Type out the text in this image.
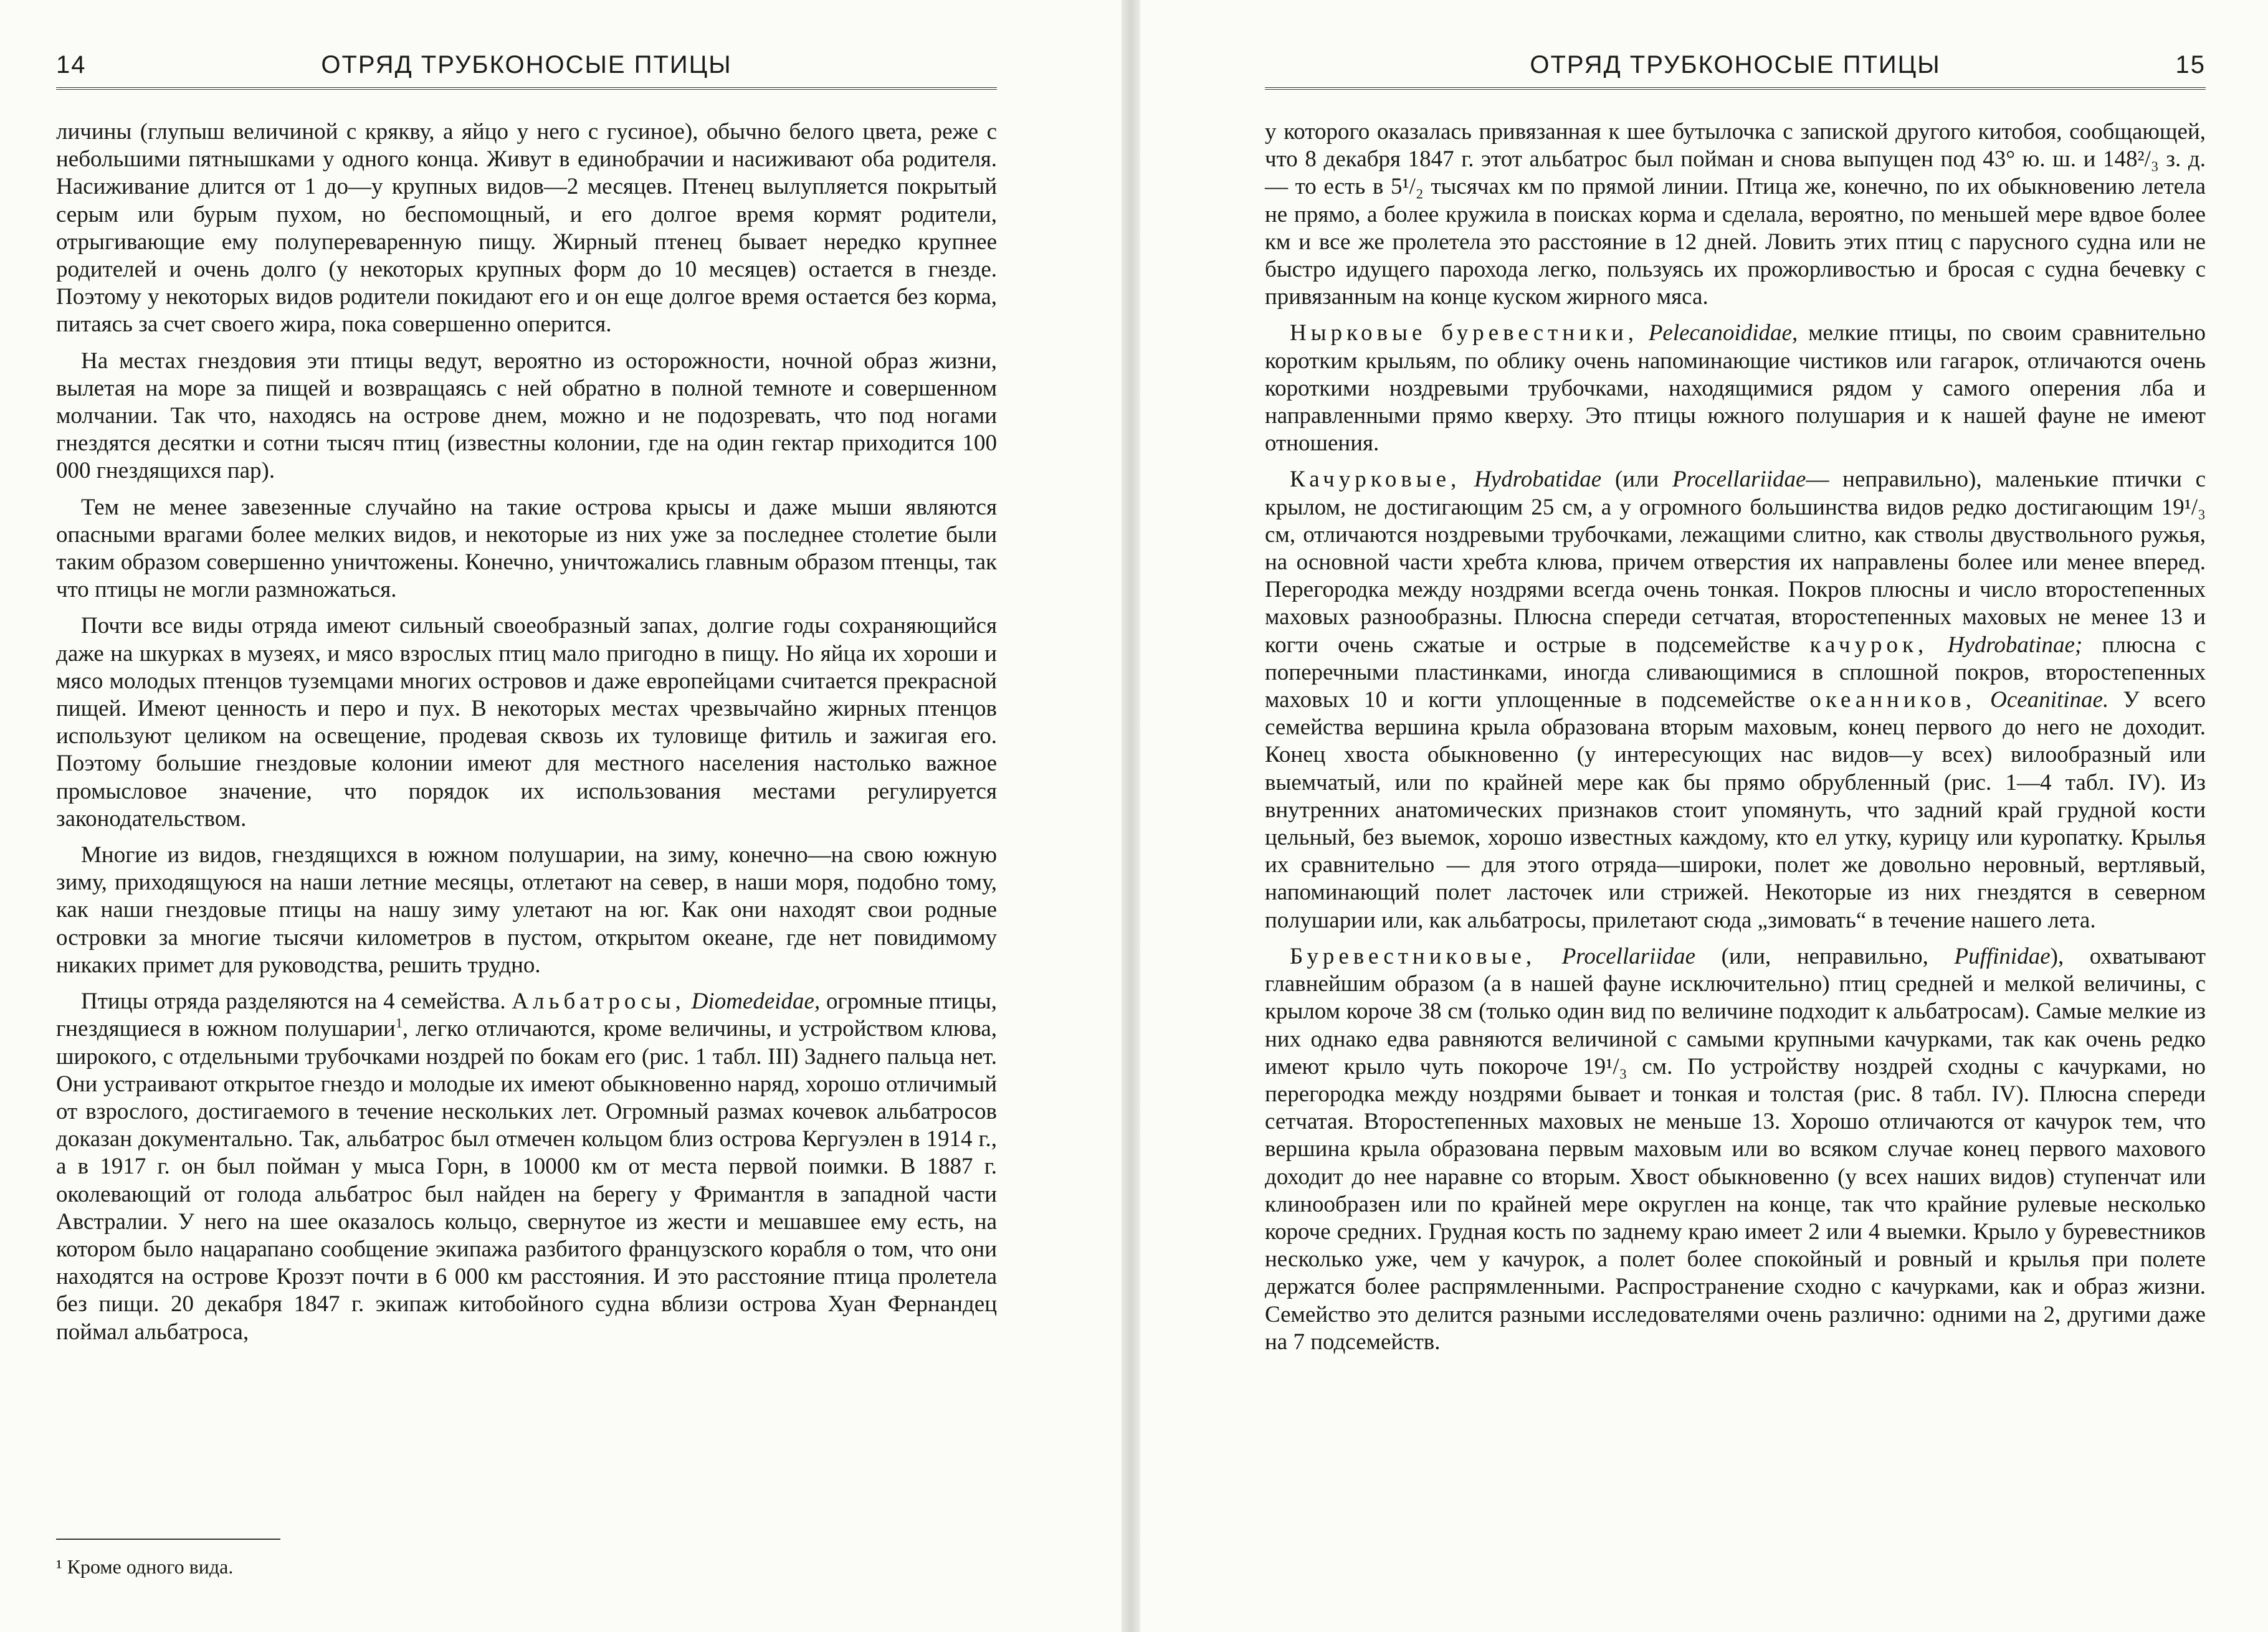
14	ОТРЯД ТРУБКОНОСЫЕ ПТИЦЫ

личины (глупыш величиной с крякву, а яйцо у него с гусиное), обычно белого цвета, реже с небольшими пятнышками у одного конца. Живут в единобрачии и насиживают оба родителя. Насиживание длится от 1 до—у крупных видов—2 месяцев. Птенец вылупляется покрытый серым или бурым пухом, но беспомощный, и его долгое время кормят родители, отрыгивающие ему полупереваренную пищу. Жирный птенец бывает нередко крупнее родителей и очень долго (у некоторых крупных форм до 10 месяцев) остается в гнезде. Поэтому у некоторых видов родители покидают его и он еще долгое время остается без корма, питаясь за счет своего жира, пока совершенно оперится.

На местах гнездовия эти птицы ведут, вероятно из осторожности, ночной образ жизни, вылетая на море за пищей и возвращаясь с ней обратно в полной темноте и совершенном молчании. Так что, находясь на острове днем, можно и не подозревать, что под ногами гнездятся десятки и сотни тысяч птиц (известны колонии, где на один гектар приходится 100 000 гнездящихся пар).

Тем не менее завезенные случайно на такие острова крысы и даже мыши являются опасными врагами более мелких видов, и некоторые из них уже за последнее столетие были таким образом совершенно уничтожены. Конечно, уничтожались главным образом птенцы, так что птицы не могли размножаться.

Почти все виды отряда имеют сильный своеобразный запах, долгие годы сохраняющийся даже на шкурках в музеях, и мясо взрослых птиц мало пригодно в пищу. Но яйца их хороши и мясо молодых птенцов туземцами многих островов и даже европейцами считается прекрасной пищей. Имеют ценность и перо и пух. В некоторых местах чрезвычайно жирных птенцов используют целиком на освещение, продевая сквозь их туловище фитиль и зажигая его. Поэтому большие гнездовые колонии имеют для местного населения настолько важное промысловое значение, что порядок их использования местами регулируется законодательством.

Многие из видов, гнездящихся в южном полушарии, на зиму, конечно—на свою южную зиму, приходящуюся на наши летние месяцы, отлетают на север, в наши моря, подобно тому, как наши гнездовые птицы на нашу зиму улетают на юг. Как они находят свои родные островки за многие тысячи километров в пустом, открытом океане, где нет повидимому никаких примет для руководства, решить трудно.

Птицы отряда разделяются на 4 семейства. Альбатросы, Diomedeidae, огромные птицы, гнездящиеся в южном полушарии$^1$, легко отличаются, кроме величины, и устройством клюва, широкого, с отдельными трубочками ноздрей по бокам его (рис. 1 табл. III) Заднего пальца нет. Они устраивают открытое гнездо и молодые их имеют обыкновенно наряд, хорошо отличимый от взрослого, достигаемого в течение нескольких лет. Огромный размах кочевок альбатросов доказан документально. Так, альбатрос был отмечен кольцом близ острова Кергуэлен в 1914 г., а в 1917 г. он был пойман у мыса Горн, в 10000 км от места первой поимки. В 1887 г. околевающий от голода альбатрос был найден на берегу у Фримантля в западной части Австралии. У него на шее оказалось кольцо, свернутое из жести и мешавшее ему есть, на котором было нацарапано сообщение экипажа разбитого французского корабля о том, что они находятся на острове Крозэт почти в 6 000 км расстояния. И это расстояние птица пролетела без пищи. 20 декабря 1847 г. экипаж китобойного судна вблизи острова Хуан Фернандец поймал альбатроса,

¹ Кроме одного вида.
ОТРЯД ТРУБКОНОСЫЕ ПТИЦЫ	15

у которого оказалась привязанная к шее бутылочка с запиской другого китобоя, сообщающей, что 8 декабря 1847 г. этот альбатрос был пойман и снова выпущен под 43° ю. ш. и 148²/₃ з. д. — то есть в 5¹/₂ тысячах км по прямой линии. Птица же, конечно, по их обыкновению летела не прямо, а более кружила в поисках корма и сделала, вероятно, по меньшей мере вдвое более км и все же пролетела это расстояние в 12 дней. Ловить этих птиц с парусного судна или не быстро идущего парохода легко, пользуясь их прожорливостью и бросая с судна бечевку с привязанным на конце куском жирного мяса.

Нырковые буревестники, Pelecanoididae, мелкие птицы, по своим сравнительно коротким крыльям, по облику очень напоминающие чистиков или гагарок, отличаются очень короткими ноздревыми трубочками, находящимися рядом у самого оперения лба и направленными прямо кверху. Это птицы южного полушария и к нашей фауне не имеют отношения.

Качурковые, Hydrobatidae (или Procellariidae— неправильно), маленькие птички с крылом, не достигающим 25 см, а у огромного большинства видов редко достигающим 19¹/₃ см, отличаются ноздревыми трубочками, лежащими слитно, как стволы двуствольного ружья, на основной части хребта клюва, причем отверстия их направлены более или менее вперед. Перегородка между ноздрями всегда очень тонкая. Покров плюсны и число второстепенных маховых разнообразны. Плюсна спереди сетчатая, второстепенных маховых не менее 13 и когти очень сжатые и острые в подсемействе качурок, Hydrobatinae; плюсна с поперечными пластинками, иногда сливающимися в сплошной покров, второстепенных маховых 10 и когти уплощенные в подсемействе океанников, Oceanitinae. У всего семейства вершина крыла образована вторым маховым, конец первого до него не доходит. Конец хвоста обыкновенно (у интересующих нас видов—у всех) вилообразный или выемчатый, или по крайней мере как бы прямо обрубленный (рис. 1—4 табл. IV). Из внутренних анатомических признаков стоит упомянуть, что задний край грудной кости цельный, без выемок, хорошо известных каждому, кто ел утку, курицу или куропатку. Крылья их сравнительно — для этого отряда—широки, полет же довольно неровный, вертлявый, напоминающий полет ласточек или стрижей. Некоторые из них гнездятся в северном полушарии или, как альбатросы, прилетают сюда „зимовать“ в течение нашего лета.

Буревестниковые, Procellariidae (или, неправильно, Puffinidae), охватывают главнейшим образом (а в нашей фауне исключительно) птиц средней и мелкой величины, с крылом короче 38 см (только один вид по величине подходит к альбатросам). Самые мелкие из них однако едва равняются величиной с самыми крупными качурками, так как очень редко имеют крыло чуть покороче 19¹/₃ см. По устройству ноздрей сходны с качурками, но перегородка между ноздрями бывает и тонкая и толстая (рис. 8 табл. IV). Плюсна спереди сетчатая. Второстепенных маховых не меньше 13. Хорошо отличаются от качурок тем, что вершина крыла образована первым маховым или во всяком случае конец первого махового доходит до нее наравне со вторым. Хвост обыкновенно (у всех наших видов) ступенчат или клинообразен или по крайней мере округлен на конце, так что крайние рулевые несколько короче средних. Грудная кость по заднему краю имеет 2 или 4 выемки. Крыло у буревестников несколько уже, чем у качурок, а полет более спокойный и ровный и крылья при полете держатся более распрямленными. Распространение сходно с качурками, как и образ жизни. Семейство это делится разными исследователями очень различно: одними на 2, другими даже на 7 подсемейств.
